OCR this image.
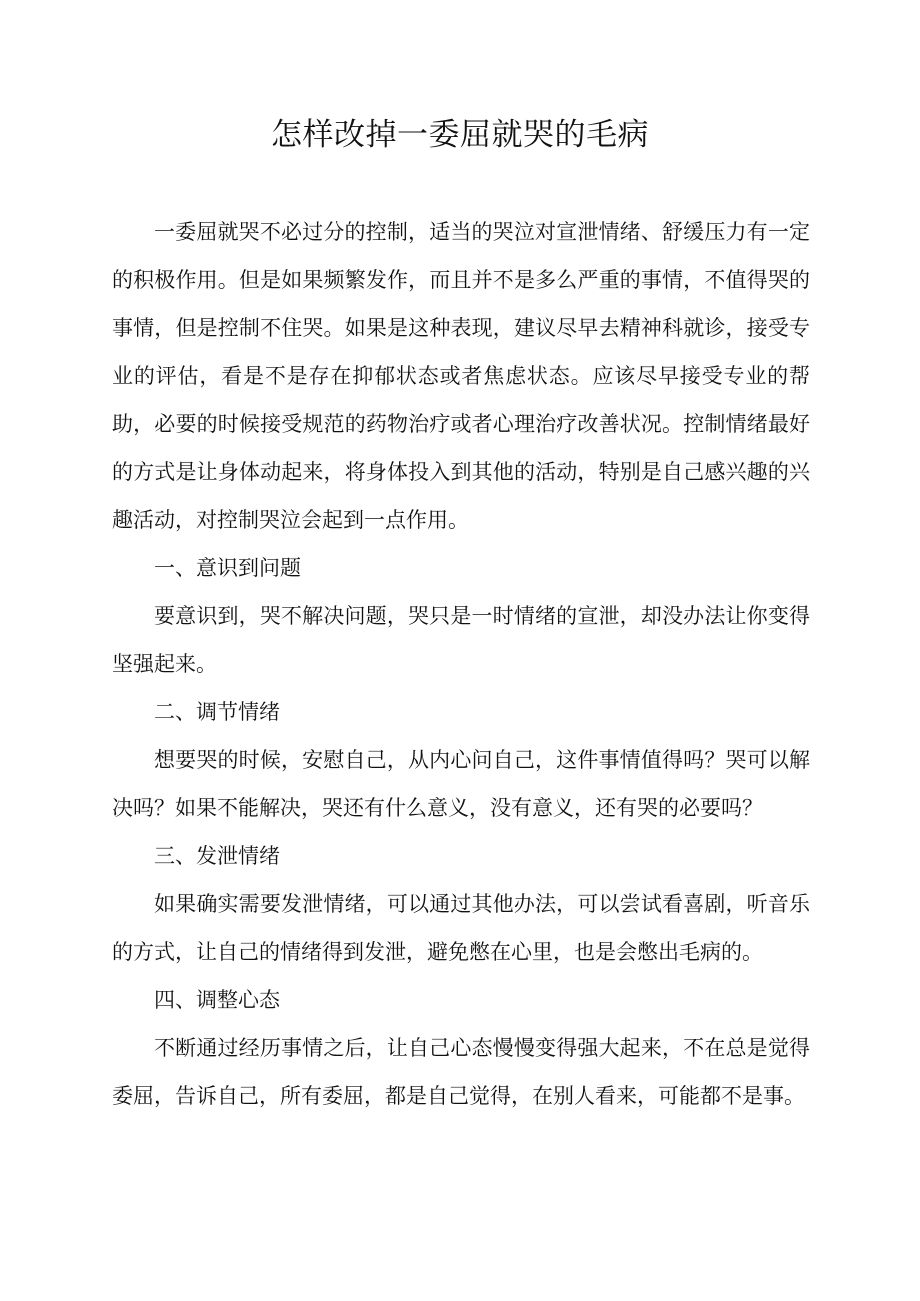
怎样改掉一委屈就哭的毛病

一委屈就哭不必过分的控制，适当的哭泣对宣泄情绪、舒缓压力有一定的积极作用。但是如果频繁发作，而且并不是多么严重的事情，不值得哭的事情，但是控制不住哭。如果是这种表现，建议尽早去精神科就诊，接受专业的评估，看是不是存在抑郁状态或者焦虑状态。应该尽早接受专业的帮助，必要的时候接受规范的药物治疗或者心理治疗改善状况。控制情绪最好的方式是让身体动起来，将身体投入到其他的活动，特别是自己感兴趣的兴趣活动，对控制哭泣会起到一点作用。

一、意识到问题

要意识到，哭不解决问题，哭只是一时情绪的宣泄，却没办法让你变得坚强起来。

二、调节情绪

想要哭的时候，安慰自己，从内心问自己，这件事情值得吗？哭可以解决吗？如果不能解决，哭还有什么意义，没有意义，还有哭的必要吗？

三、发泄情绪

如果确实需要发泄情绪，可以通过其他办法，可以尝试看喜剧，听音乐的方式，让自己的情绪得到发泄，避免憋在心里，也是会憋出毛病的。

四、调整心态

不断通过经历事情之后，让自己心态慢慢变得强大起来，不在总是觉得委屈，告诉自己，所有委屈，都是自己觉得，在别人看来，可能都不是事。
